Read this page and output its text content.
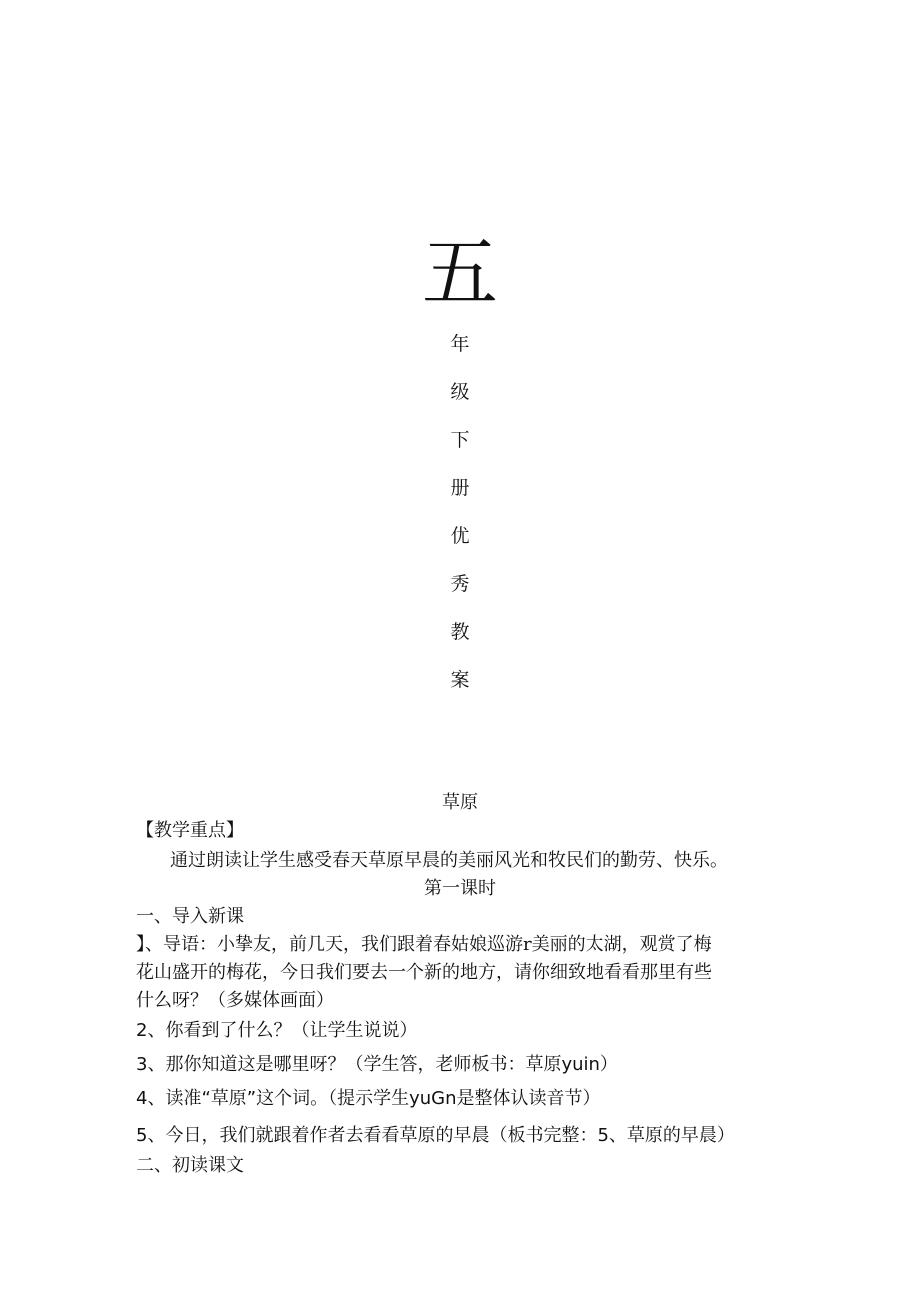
五
年
级
下
册
优
秀
教
案
草原
【教学重点】
通过朗读让学生感受春天草原早晨的美丽风光和牧民们的勤劳、快乐。
第一课时
一、导入新课
】、导语：小挚友，前几天，我们跟着春姑娘巡游r美丽的太湖，观赏了梅
花山盛开的梅花，今日我们要去一个新的地方，请你细致地看看那里有些
什么呀？（多媒体画面）
2、你看到了什么？（让学生说说）
3、那你知道这是哪里呀？（学生答，老师板书：草原yuin）
4、读准“草原”这个词。（提示学生yuGn是整体认读音节）
5、今日，我们就跟着作者去看看草原的早晨（板书完整：5、草原的早晨）
二、初读课文
